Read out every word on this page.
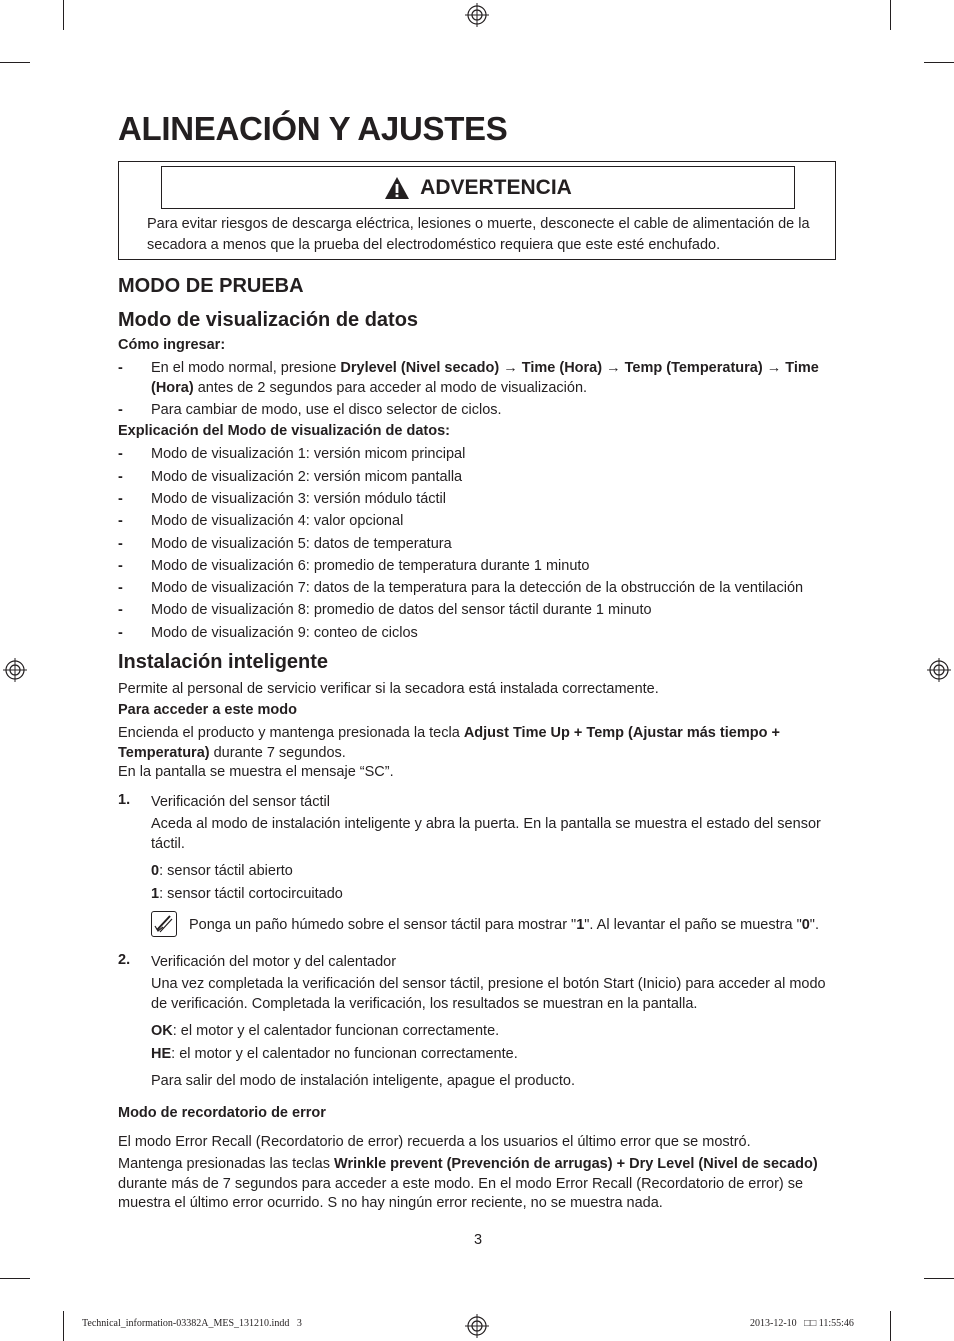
ALINEACIÓN Y AJUSTES
ADVERTENCIA

Para evitar riesgos de descarga eléctrica, lesiones o muerte, desconecte el cable de alimentación de la secadora a menos que la prueba del electrodoméstico requiera que este esté enchufado.

MODO DE PRUEBA
Modo de visualización de datos
Cómo ingresar:
- En el modo normal, presione Drylevel (Nivel secado) → Time (Hora) → Temp (Temperatura) → Time
(Hora) antes de 2 segundos para acceder al modo de visualización.
- Para cambiar de modo, use el disco selector de ciclos.
Explicación del Modo de visualización de datos:
- Modo de visualización 1: versión micom principal
- Modo de visualización 2: versión micom pantalla
- Modo de visualización 3: versión módulo táctil
- Modo de visualización 4: valor opcional
- Modo de visualización 5: datos de temperatura
- Modo de visualización 6: promedio de temperatura durante 1 minuto
- Modo de visualización 7: datos de la temperatura para la detección de la obstrucción de la ventilación
- Modo de visualización 8: promedio de datos del sensor táctil durante 1 minuto
- Modo de visualización 9: conteo de ciclos
Instalación inteligente
Permite al personal de servicio verificar si la secadora está instalada correctamente.
Para acceder a este modo
Encienda el producto y mantenga presionada la tecla Adjust Time Up + Temp (Ajustar más tiempo +
Temperatura) durante 7 segundos.
En la pantalla se muestra el mensaje “SC”.
1. Verificación del sensor táctil

Aceda al modo de instalación inteligente y abra la puerta. En la pantalla se muestra el estado del sensor táctil.

0: sensor táctil abierto
1: sensor táctil cortocircuitado
Ponga un paño húmedo sobre el sensor táctil para mostrar "1". Al levantar el paño se muestra "0".
2. Verificación del motor y del calentador

Una vez completada la verificación del sensor táctil, presione el botón Start (Inicio) para acceder al modo de verificación. Completada la verificación, los resultados se muestran en la pantalla.

OK: el motor y el calentador funcionan correctamente.
HE: el motor y el calentador no funcionan correctamente.
Para salir del modo de instalación inteligente, apague el producto.
Modo de recordatorio de error

El modo Error Recall (Recordatorio de error) recuerda a los usuarios el último error que se mostró.

Mantenga presionadas las teclas Wrinkle prevent (Prevención de arrugas) + Dry Level (Nivel de secado) durante más de 7 segundos para acceder a este modo. En el modo Error Recall (Recordatorio de error) se muestra el último error ocurrido. S no hay ningún error reciente, no se muestra nada.

3
Technical_information-03382A_MES_131210.indd   3	2013-12-10   □□ 11:55:46
